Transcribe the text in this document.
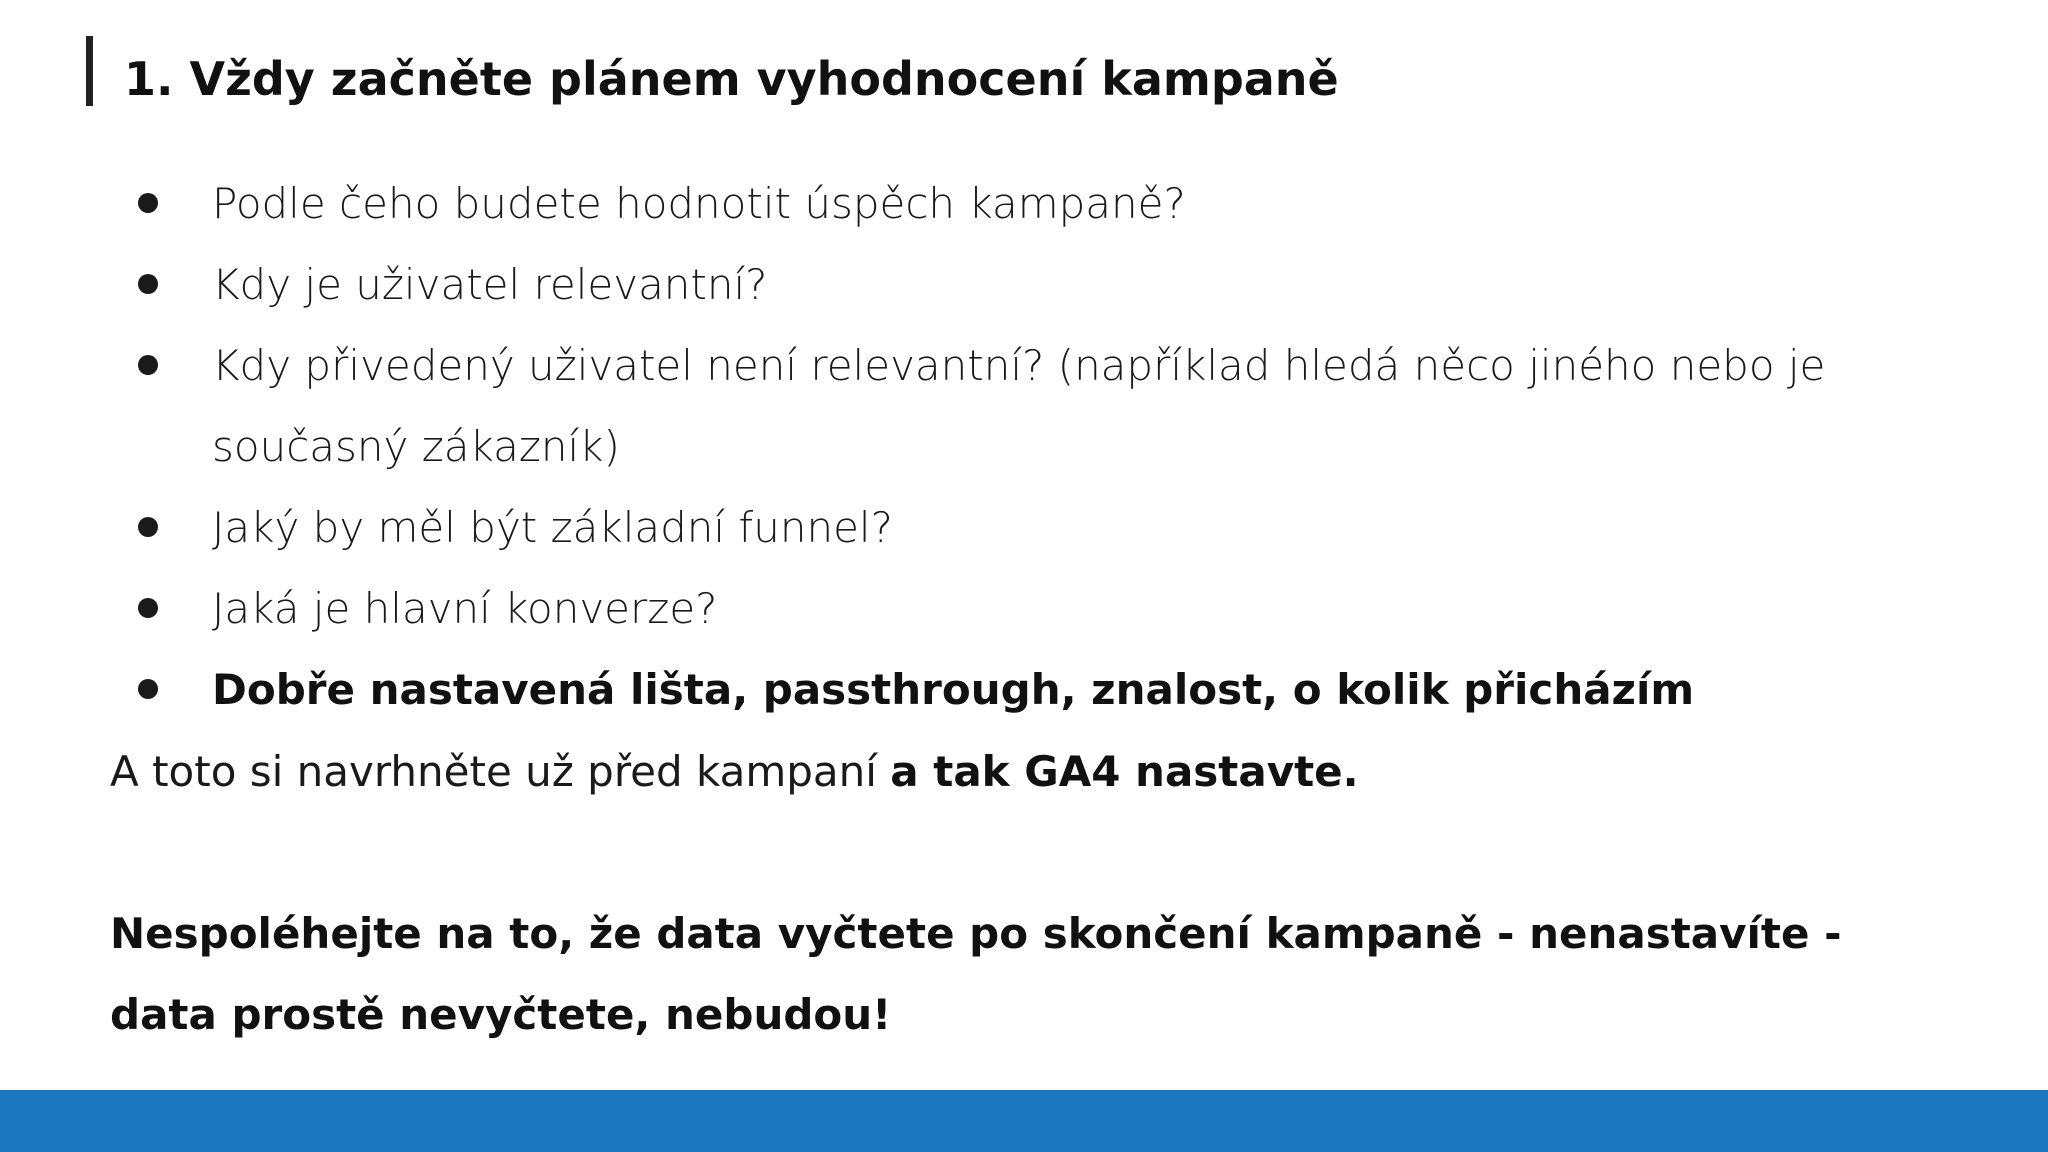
1. Vždy začněte plánem vyhodnocení kampaně
Podle čeho budete hodnotit úspěch kampaně?
Kdy je uživatel relevantní?
Kdy přivedený uživatel není relevantní? (například hledá něco jiného nebo je současný zákazník)
Jaký by měl být základní funnel?
Jaká je hlavní konverze?
Dobře nastavená lišta, passthrough, znalost, o kolik přicházím

A toto si navrhněte už před kampaní a tak GA4 nastavte.

Nespoléhejte na to, že data vyčtete po skončení kampaně - nenastavíte - data prostě nevyčtete, nebudou!
